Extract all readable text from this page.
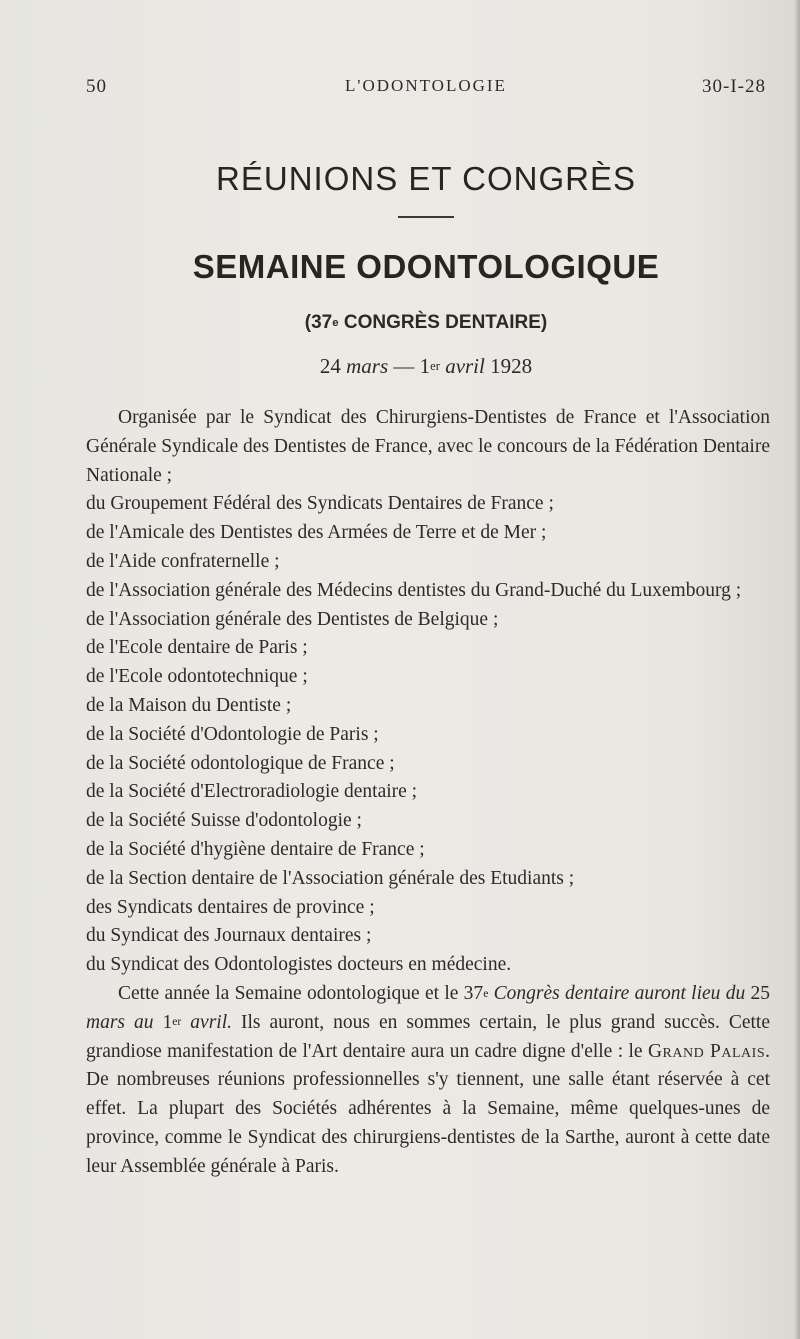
50	L'ODONTOLOGIE	30-I-28
RÉUNIONS ET CONGRÈS
SEMAINE ODONTOLOGIQUE
(37e CONGRÈS DENTAIRE)
24 mars — 1er avril 1928
Organisée par le Syndicat des Chirurgiens-Dentistes de France et l'Association Générale Syndicale des Dentistes de France, avec le concours de la Fédération Dentaire Nationale ;
du Groupement Fédéral des Syndicats Dentaires de France ;
de l'Amicale des Dentistes des Armées de Terre et de Mer ;
de l'Aide confraternelle ;
de l'Association générale des Médecins dentistes du Grand-Duché du Luxembourg ;
de l'Association générale des Dentistes de Belgique ;
de l'Ecole dentaire de Paris ;
de l'Ecole odontotechnique ;
de la Maison du Dentiste ;
de la Société d'Odontologie de Paris ;
de la Société odontologique de France ;
de la Société d'Electroradiologie dentaire ;
de la Société Suisse d'odontologie ;
de la Société d'hygiène dentaire de France ;
de la Section dentaire de l'Association générale des Etudiants ;
des Syndicats dentaires de province ;
du Syndicat des Journaux dentaires ;
du Syndicat des Odontologistes docteurs en médecine.
Cette année la Semaine odontologique et le 37e Congrès dentaire auront lieu du 25 mars au 1er avril. Ils auront, nous en sommes certain, le plus grand succès. Cette grandiose manifestation de l'Art dentaire aura un cadre digne d'elle : le Grand Palais. De nombreuses réunions professionnelles s'y tiennent, une salle étant réservée à cet effet. La plupart des Sociétés adhérentes à la Semaine, même quelques-unes de province, comme le Syndicat des chirurgiens-dentistes de la Sarthe, auront à cette date leur Assemblée générale à Paris.
